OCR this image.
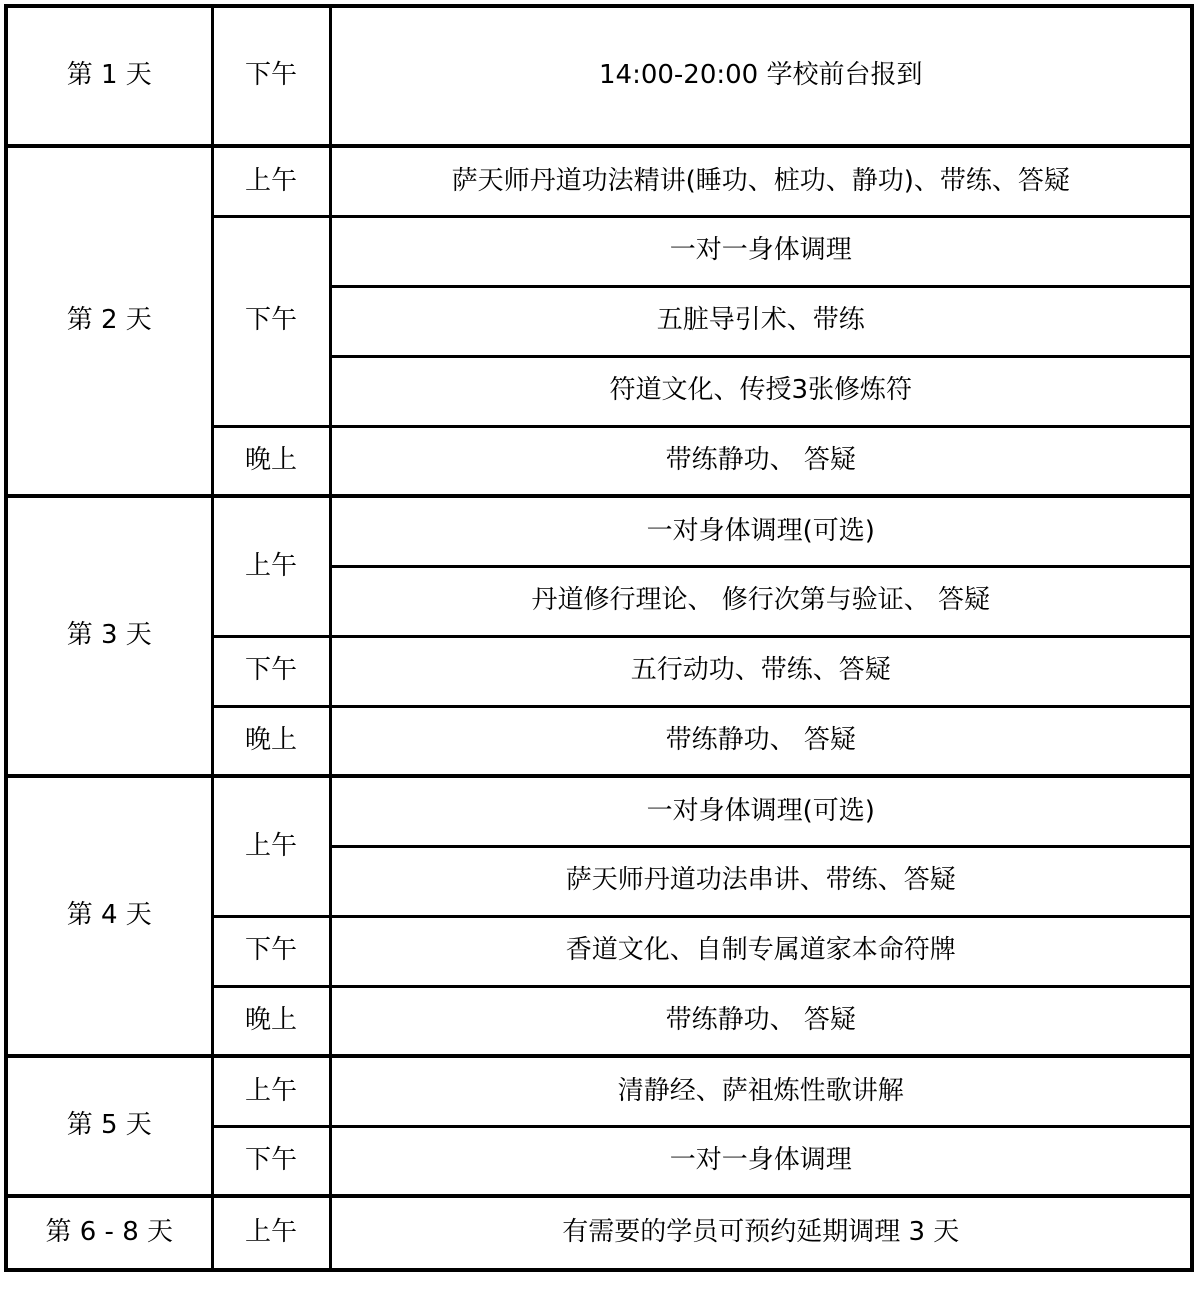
第 1 天	下午	14:00-20:00 学校前台报到
第 2 天	上午	萨天师丹道功法精讲(睡功、桩功、静功)、带练、答疑
	下午	一对一身体调理
		五脏导引术、带练
		符道文化、传授3张修炼符
	晚上	带练静功、 答疑
第 3 天	上午	一对身体调理(可选)
		丹道修行理论、 修行次第与验证、 答疑
	下午	五行动功、带练、答疑
	晚上	带练静功、 答疑
第 4 天	上午	一对身体调理(可选)
		萨天师丹道功法串讲、带练、答疑
	下午	香道文化、自制专属道家本命符牌
	晚上	带练静功、 答疑
第 5 天	上午	清静经、萨祖炼性歌讲解
	下午	一对一身体调理
第 6 - 8 天	上午	有需要的学员可预约延期调理 3 天
